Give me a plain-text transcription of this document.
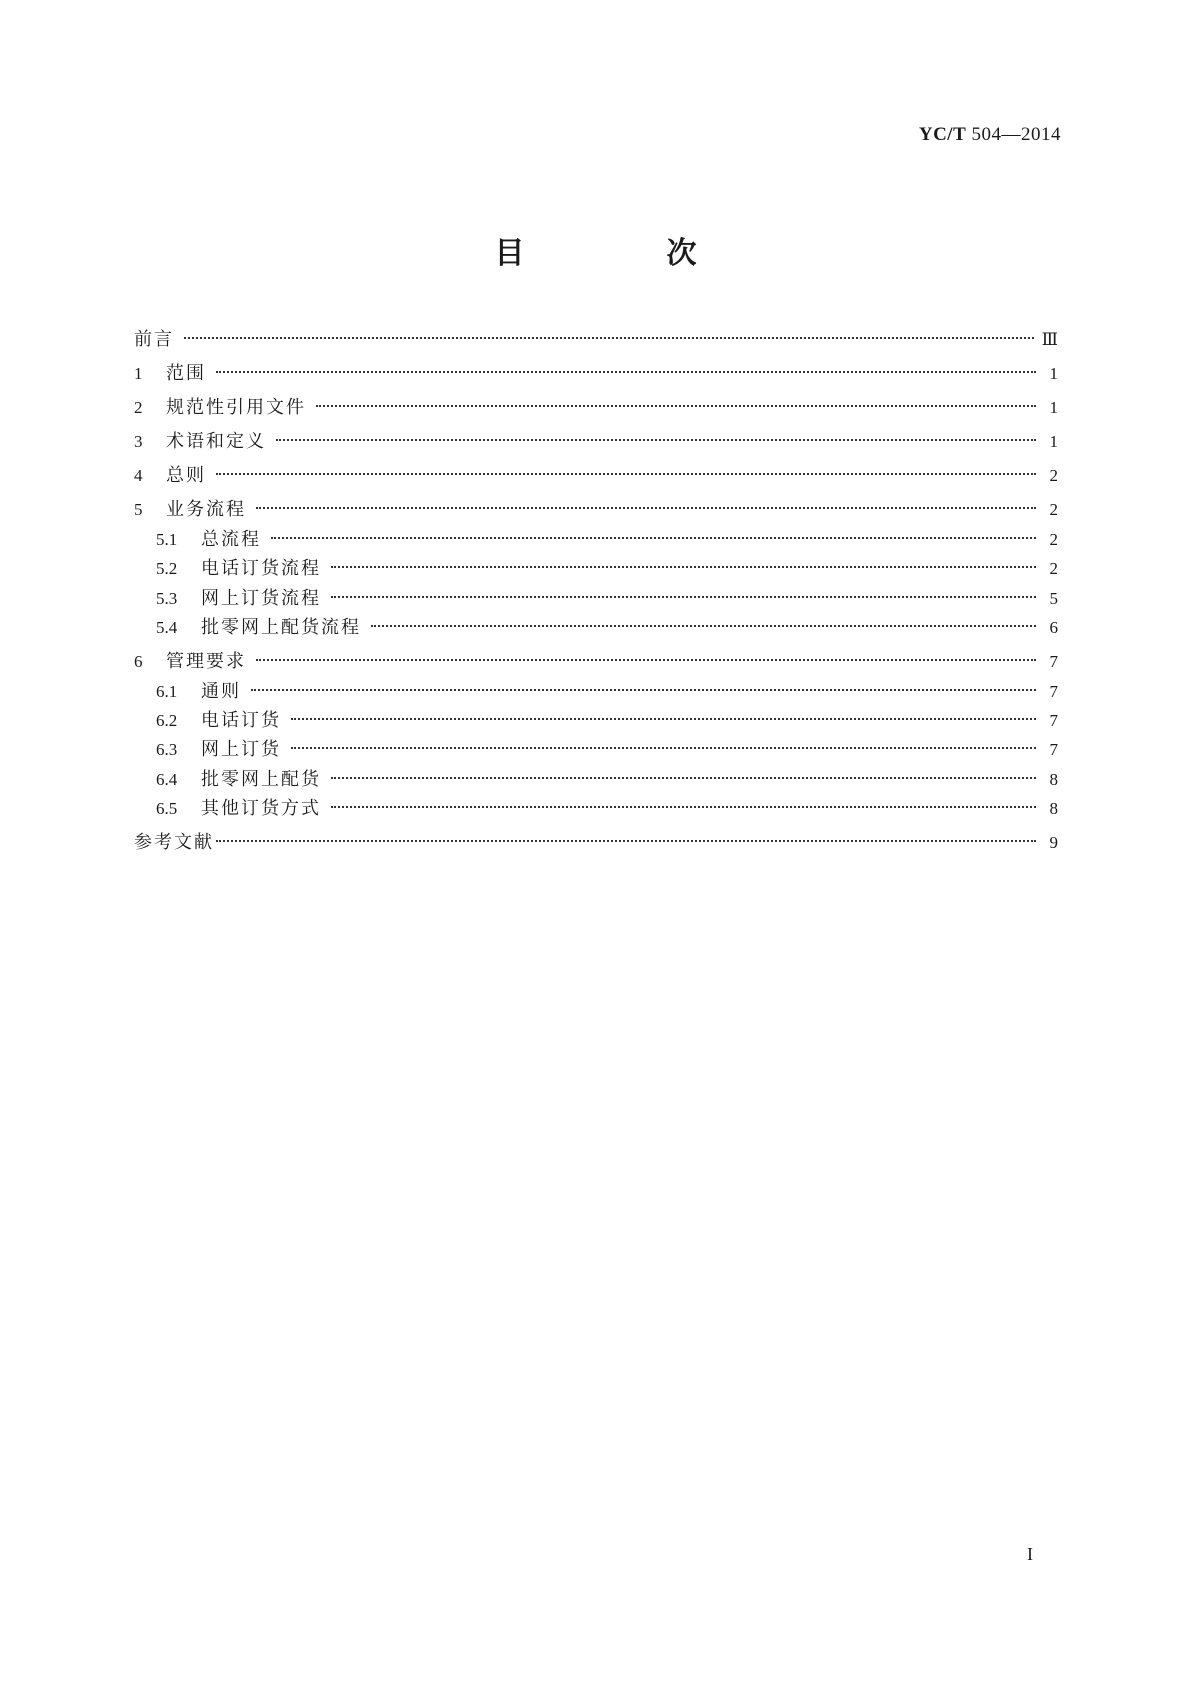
YC/T 504—2014
目　次
前言	Ⅲ
1	范围	1
2	规范性引用文件	1
3	术语和定义	1
4	总则	2
5	业务流程	2
5.1	总流程	2
5.2	电话订货流程	2
5.3	网上订货流程	5
5.4	批零网上配货流程	6
6	管理要求	7
6.1	通则	7
6.2	电话订货	7
6.3	网上订货	7
6.4	批零网上配货	8
6.5	其他订货方式	8
参考文献	9
I
